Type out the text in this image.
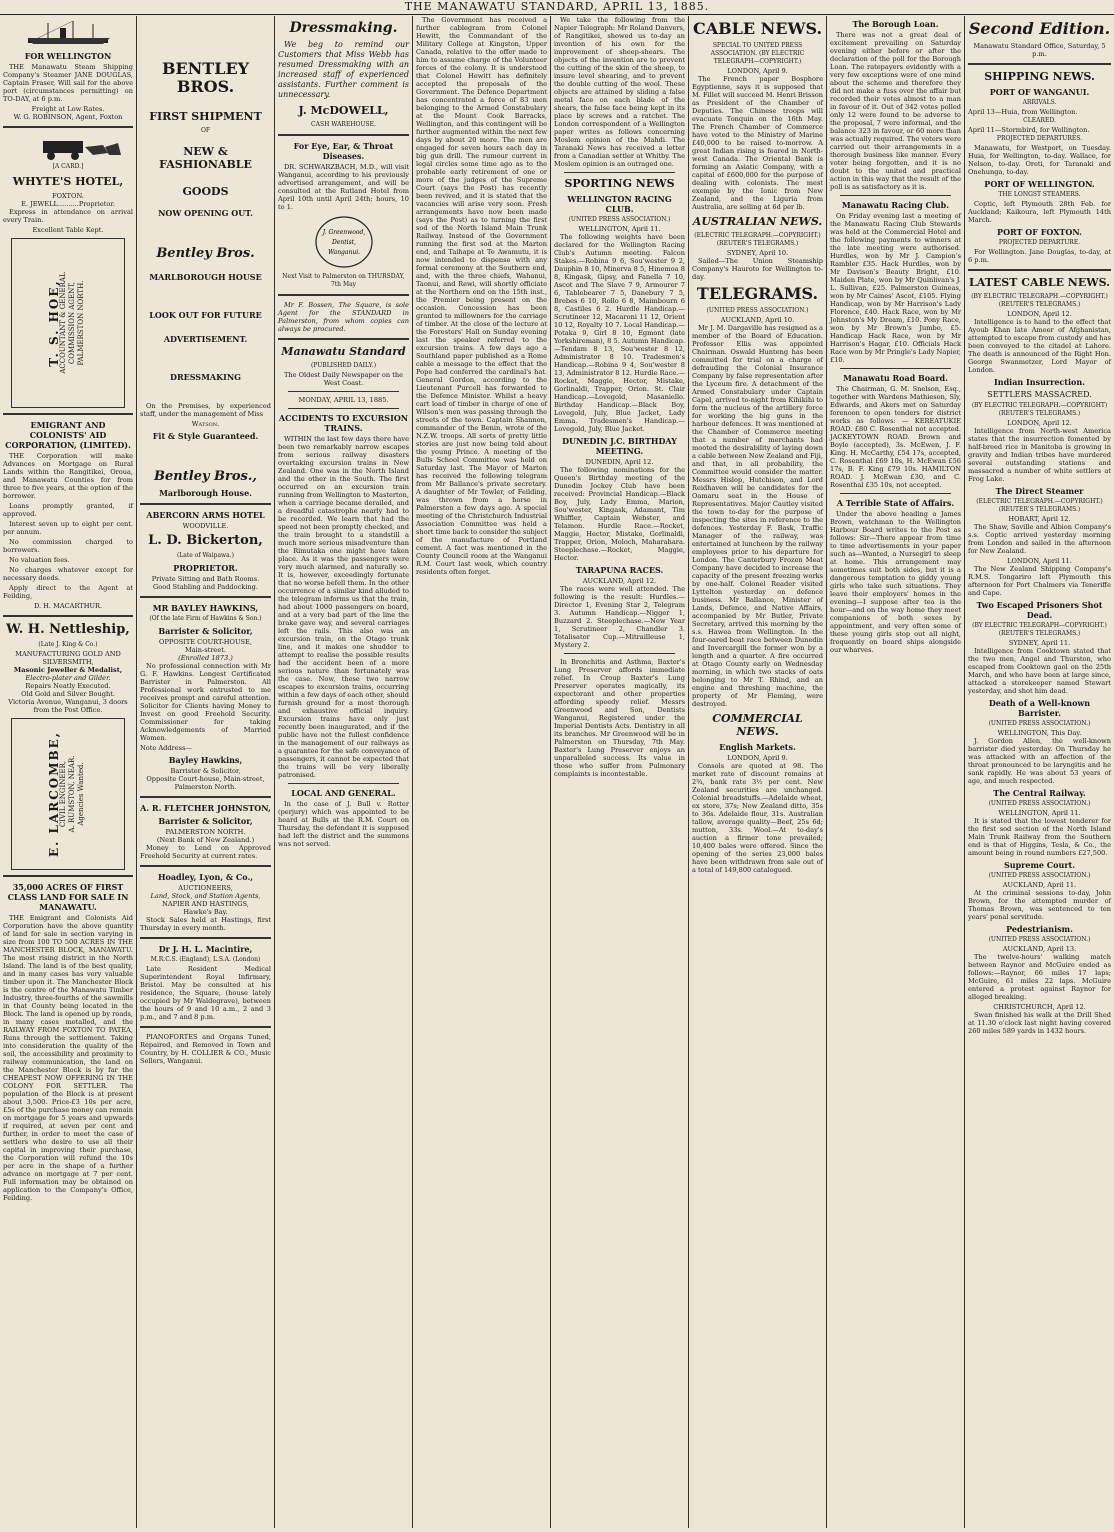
THE MANAWATU STANDARD, APRIL 13, 1885.
FOR WELLINGTON

THE Manawatu Steam Shipping Company's Steamer JANE DOUGLAS, Captain Fraser, Will sail for the above port (circumstances permitting) on TO-DAY, at 6 p.m.

Freight at Low Rates.
W. G. ROBINSON, Agent, Foxton
[A CARD.]
WHYTE'S HOTEL,
FOXTON.
E. JEWELL..........Proprietor.

Express in attendance on arrival every Train.

Excellent Table Kept.
T. S. HOE,
ACCOUNTANT & GENERAL COMMISSION AGENT, PALMERSTON NORTH.
EMIGRANT AND COLONISTS' AID CORPORATION, (LIMITED).

THE Corporation will make Advances on Mortgage on Rural Lands within the Rangitikei, Oroua, and Manawatu Counties for from three to five years, at the option of the borrower.

Loans promptly granted, if approved.

Interest seven up to eight per cent. per annum.

No commission charged to borrowers.

No valuation fees.

No charges whatever except for necessary deeds.

Apply direct to the Agent at Feilding,

D. H. MACARTHUR.
W. H. Nettleship,
(Late J. King & Co.)
MANUFACTURING GOLD AND SILVERSMITH,
Masonic Jeweller & Medalist,
Electro-plater and Gilder.
Repairs Neatly Executed.
Old Gold and Silver Bought.
Victoria Avenue, Wanganui, 3 doors from the Post Office.
E. LARCOMBE,
CIVIL ENGINEER, A. RUMSTON, NEAR. Agencies Wanted.
35,000 ACRES OF FIRST CLASS LAND FOR SALE IN MANAWATU.

THE Emigrant and Colonists Aid Corporation have the above quantity of land for sale in section varying in size from 100 TO 500 ACRES IN THE MANCHESTER BLOCK, MANAWATU. The most rising district in the North Island. The land is of the best quality, and in many cases has very valuable timber upon it. The Manchester Block is the centre of the Manawatu Timber Industry, three-fourths of the sawmills in that County being located in the Block. The land is opened up by roads, in many cases metalled, and the RAILWAY FROM FOXTON TO PATEA, Runs through the settlement. Taking into consideration the quality of the soil, the accessibility and proximity to railway communication, the land on the Manchester Block is by far the CHEAPEST NOW OFFERING IN THE COLONY FOR SETTLER. The population of the Block is at present about 3,500. Price-£3 10s per acre, £5s of the purchase money can remain on mortgage for 5 years and upwards if required, at seven per cent and further, in order to meet the case of settlers who desire to use all their capital in improving their purchase, the Corporation will refund the 10s per acre in the shape of a further advance on mortgage at 7 per cent. Full information may be obtained on application to the Company's Office, Feilding.

BENTLEY BROS.
FIRST SHIPMENT
OF
NEW & FASHIONABLE
GOODS
NOW OPENING OUT.
Bentley Bros.
MARLBOROUGH HOUSE
LOOK OUT FOR FUTURE
ADVERTISEMENT.
DRESSMAKING

On the Premises, by experienced staff, under the management of Miss

Watson.
Fit & Style Guaranteed.
Bentley Bros.,
Marlborough House.
ABERCORN ARMS HOTEL
WOODVILLE.
L. D. Bickerton,
(Late of Waipawa.)
PROPRIETOR.
Private Sitting and Bath Rooms.
Good Stabling and Paddocking.
MR BAYLEY HAWKINS,
(Of the late Firm of Hawkins & Son.)
Barrister & Solicitor,
OPPOSITE COURT-HOUSE,
Main-street.
(Enrolled 1873.)

No professional connection with Mr G. F. Hawkins. Longest Certificated Barrister in Palmerston. All Professional work entrusted to me receives prompt and careful attention. Solicitor for Clients having Money to Invest on good Freehold Security. Commissioner for taking Acknowledgements of Married Women.

Note Address—
Bayley Hawkins,
Barrister & Solicitor,
Opposite Court-house, Main-street, Palmerston North.
A. R. FLETCHER JOHNSTON,
Barrister & Solicitor,
PALMERSTON NORTH.
(Next Bank of New Zealand.)

Money to Lend on Approved Freehold Security at current rates.

Hoadley, Lyon, & Co.,
AUCTIONEERS,
Land, Stock, and Station Agents,
NAPIER AND HASTINGS,
Hawke's Bay.

Stock Sales held at Hastings, first Thursday in every month.

Dr J. H. L. Macintire,
M.R.C.S. (England), L.S.A. (London)

Late Resident Medical Superintendent Royal Infirmary, Bristol. May be consulted at his residence, the Square, (house lately occupied by Mr Waldegrave), between the hours of 9 and 10 a.m., 2 and 3 p.m., and 7 and 8 p.m.

PIANOFORTES and Organs Tuned, Repaired, and Removed in Town and Country, by H. COLLIER & CO., Music Sellers, Wanganui.

Dressmaking.

We beg to remind our Customers that Miss Webb has resumed Dressmaking with an increased staff of experienced assistants. Further comment is unnecessary.

J. McDOWELL,
CASH WAREHOUSE.
For Eye, Ear, & Throat Diseases.

DR. SCHWARZBACH, M.D., will visit Wanganui, according to his previously advertised arrangement, and will be consulted at the Rutland Hotel from April 10th until April 24th; hours, 10 to 1.

J. Greenwood,
Dentist,
Wanganui.
Next Visit to Palmerston on THURSDAY, 7th May

Mr F. Bossen, The Square, is sole Agent for the STANDARD in Palmerston, from whom copies can always be procured.

Manawatu Standard
(PUBLISHED DAILY.)
The Oldest Daily Newspaper on the West Coast.
MONDAY, APRIL 13, 1885.
ACCIDENTS TO EXCURSION TRAINS.

WITHIN the last few days there have been two remarkably narrow escapes from serious railway disasters overtaking excursion trains in New Zealand. One was in the North Island and the other in the South. The first occurred on an excursion train running from Wellington to Masterton, when a carriage became derailed, and a dreadful catastrophe nearly had to be recorded. We learn that had the speed not been promptly checked, and the train brought to a standstill a much more serious misadventure than the Rimutaka one might have taken place. As it was the passengers were very much alarmed, and naturally so. It is, however, exceedingly fortunate that no worse befell them. In the other occurrence of a similar kind alluded to the telegram informs us that the train, had about 1000 passengers on board, and at a very bad part of the line the brake gave way, and several carriages left the rails. This also was an excursion train, on the Otago trunk line, and it makes one shudder to attempt to realise the possible results had the accident been of a more serious nature than fortunately was the case. Now, these two narrow escapes to excursion trains, occurring within a few days of each other, should furnish ground for a most thorough and exhaustive official inquiry. Excursion trains have only just recently been inaugurated, and if the public have not the fullest confidence in the management of our railways as a guarantee for the safe conveyance of passengers, it cannot be expected that the trains will be very liberally patronised.

LOCAL AND GENERAL.

In the case of J. Bull v. Rotter (perjury) which was appointed to be heard at Bulls at the R.M. Court on Thursday, the defendant it is supposed had left the district and the summons was not served.

The Government has received a further cablegram from Colonel Hewitt, the Commandant of the Military College at Kingston, Upper Canada, relative to the offer made to him to assume charge of the Volunteer forces of the colony. It is understood that Colonel Hewitt has definitely accepted the proposals of the Government. The Defence Department has concentrated a force of 83 men belonging to the Armed Constabulary at the Mount Cook Barracks, Wellington, and this contingent will be further augmented within the next few days by about 20 more. The men are engaged for seven hours each day in big gun drill. The rumour current in legal circles some time ago as to the probable early retirement of one or more of the judges of the Supreme Court (says the Post) has recently been revived, and it is stated that the vacancies will arise very soon. Fresh arrangements have now been made (says the Post) as to turning the first sod of the North Island Main Trunk Railway. Instead of the Government running the first sod at the Marton end, and Taihape at Te Awamutu, it is now intended to dispense with any formal ceremony at the Southern end, and, with the three chiefs, Wahanui, Taonui, and Rewi, will shortly officiate at the Northern end on the 15th inst., the Premier being present on the occasion. Concession has been granted to millowners for the carriage of timber. At the close of the lecture at the Foresters' Hall on Sunday evening last the speaker referred to the excursion trains. A few days ago a Southland paper published as a Rome cable a message to the effect that the Pope had conferred the cardinal's hat. General Gordon, according to the Lieutenant Purcell has forwarded to the Defence Minister. Whilst a heavy cart load of timber in charge of one of Wilson's men was passing through the streets of the town. Captain Shannon, commander of the Benin, wrote of the N.Z.W. troops. All sorts of pretty little stories are just now being told about the young Prince. A meeting of the Bulls School Committee was held on Saturday last. The Mayor of Marton has received the following telegram from Mr Ballance's private secretary. A daughter of Mr Towler, of Feilding, was thrown from a horse in Palmerston a few days ago. A special meeting of the Christchurch Industrial Association Committee was held a short time back to consider the subject of the manufacture of Portland cement. A fact was mentioned in the County Council room at the Wanganui R.M. Court last week, which country residents often forget.

We take the following from the Napier Telegraph: Mr Roland Danvers, of Rangitikei, showed us to-day an invention of his own for the improvement of sheep-shears. The objects of the invention are to prevent the cutting of the skin of the sheep, to insure level shearing, and to prevent the double cutting of the wool. These objects are attained by sliding a false metal face on each blade of the shears, the false face being kept in its place by screws and a ratchet. The London correspondent of a Wellington paper writes as follows concerning Moslem opinion of the Mahdi. The Taranaki News has received a letter from a Canadian settler at Whitby. The Moslem opinion is an outraged one.

SPORTING NEWS
WELLINGTON RACING CLUB.
(UNITED PRESS ASSOCIATION.)
WELLINGTON, April 11.

The following weights have been declared for the Wellington Racing Club's Autumn meeting. Falcon Stakes.—Robina 9 6, Sou'wester 9 2, Dauphin 8 10, Minerva 8 5, Hinemoa 8 8, Kingask, Gipsy, and Fanella 7 10, Ascot and The Slave 7 9, Armourer 7 6, Tablebearer 7 5, Danebury 7 5, Brebes 6 10, Rollo 6 8, Maimbourn 6 8, Castiles 6 2. Hurdle Handicap.—Scrutineer 12, Macaroni 11 12, Orient 10 12, Royalty 10 7. Local Handicap.—Potaka 9, Girl 8 10, Egmont (late Yorkshireman), 8 5. Autumn Handicap.—Tendam 8 13, Sou'wester 8 12, Administrator 8 10. Tradesmen's Handicap.—Robina 9 4, Sou'wester 8 13, Administrator 8 12. Hurdle Race.—Rocket, Maggie, Hector, Mistake, Gorlinaldi, Trapper, Orion. St. Clair Handicap.—Lovegold, Masaniello. Birthday Handicap.—Black Boy, Lovegold, July, Blue Jacket, Lady Emma. Tradesmen's Handicap.—Lovegold, July, Blue Jacket.

DUNEDIN J.C. BIRTHDAY MEETING.
DUNEDIN, April 12.

The following nominations for the Queen's Birthday meeting of the Dunedin Jockey Club have been received: Provincial Handicap.—Black Boy, July, Lady Emma, Marion, Sou'wester, Kingask, Adamant, Tim Whiffler, Captain Webster, and Telamon. Hurdle Race.—Rocket, Maggie, Hector, Mistake, Gorlinaldi, Trapper, Orion, Moloch, Maharahara. Steeplechase.—Rocket, Maggie, Hector.

TARAPUNA RACES.
AUCKLAND, April 12.

The races were well attended. The following is the result: Hurdles.—Director 1, Evening Star 2, Telegram 3. Autumn Handicap.—Nigger 1, Buzzard 2. Steeplechase.—New Year 1, Scrutineer 2, Chandler 3. Totalisator Cup.—Mitrailleuse 1, Mystery 2.

In Bronchitis and Asthma, Baxter's Lung Preserver affords immediate relief. In Croup Baxter's Lung Preserver operates magically, its expectorant and other properties affording speedy relief. Messrs Greenwood and Son, Dentists Wanganui, Registered under the Imperial Dentists Acts. Dentistry in all its branches. Mr Greenwood will be in Palmerston on Thursday, 7th May. Baxter's Lung Preserver enjoys an unparalleled success. Its value in those who suffer from Pulmonary complaints is incontestable.

CABLE NEWS.
SPECIAL TO UNITED PRESS ASSOCIATION. (BY ELECTRIC TELEGRAPH—COPYRIGHT.)
LONDON, April 9.

The French paper Bosphore Egyptienne, says it is supposed that M. Fillet will succeed M. Henri Brisson as President of the Chamber of Deputies. The Chinese troops will evacuate Tonquin on the 16th May. The French Chamber of Commerce have voted to the Ministry of Marine £40,000 to be raised to-morrow. A great Indian rising is feared in North-west Canada. The Oriental Bank is forming an Asiatic Company, with a capital of £600,000 for the purpose of dealing with colonists. The mest exemple by the Ionic from New Zealand, and the Liguria from Australia, are selling at 6d per lb.

AUSTRALIAN NEWS.
(ELECTRIC TELEGRAPH.—COPYRIGHT.) (REUTER'S TELEGRAMS.)
SYDNEY, April 10.

Sailed—The Union Steamship Company's Hauroto for Wellington to-day.

TELEGRAMS.
(UNITED PRESS ASSOCIATION.)
AUCKLAND, April 10.

Mr J. M. Dargaville has resigned as a member of the Board of Education. Professor Ellis was appointed Chairman. Oswald Hunteng has been committed for trial on a charge of defrauding the Colonial Insurance Company by false representation after the Lyceum fire. A detachment of the Armed Constabulary under Captain Capel, arrived to-night from Kihikihi to form the nucleus of the artillery force for working the big guns in the harbour defences. It was mentioned at the Chamber of Commerce meeting that a number of merchants had mooted the desirability of laying down a cable between New Zealand and Fiji, and that, in all probability, the Committee would consider the matter. Messrs Hislop, Hutchison, and Lord Reidhaven will be candidates for the Oamaru seat in the House of Representatives. Major Cautley visited the town to-day for the purpose of inspecting the sites in reference to the defences. Yesterday F. Bask, Traffic Manager of the railway, was entertained at luncheon by the railway employees prior to his departure for London. The Canterbury Frozen Meat Company have decided to increase the capacity of the present freezing works by one-half. Colonel Reader visited Lyttelton yesterday on defence business. Mr Ballance, Minister of Lands, Defence, and Native Affairs, accompanied by Mr Butler, Private Secretary, arrived this morning by the s.s. Hawea from Wellington. In the four-oared boat race between Dunedin and Invercargill the former won by a length and a quarter. A fire occurred at Otago County early on Wednesday morning, in which two stacks of oats belonging to Mr T. Rhind, and an engine and threshing machine, the property of Mr Fleming, were destroyed.

COMMERCIAL NEWS.
English Markets.
LONDON, April 9.

Consols are quoted at 98. The market rate of discount remains at 2¾, bank rate 3½ per cent. New Zealand securities are unchanged. Colonial breadstuffs.—Adelaide wheat, ex store, 37s; New Zealand ditto, 35s to 36s. Adelaide flour, 31s. Australian tallow, average quality—Beef, 25s 6d; mutton, 33s. Wool.—At to-day's auction a firmer tone prevailed; 10,400 bales were offered. Since the opening of the series 23,000 bales have been withdrawn from sale out of a total of 149,800 catalogued.

The Borough Loan.

There was not a great deal of excitement prevailing on Saturday evening either before or after the declaration of the poll for the Borough Loan. The ratepayers evidently with a very few exceptions were of one mind about the scheme and therefore they did not make a fuss over the affair but recorded their votes almost to a man in favour of it. Out of 342 votes polled only 12 were found to be adverse to the proposal, 7 were informal, and the balance 323 in favour, or 60 more than was actually required. The voters were carried out their arrangements in a thorough business like manner. Every voter being forgotten, and it is no doubt to the united and practical action in this way that the result of the poll is as satisfactory as it is.

Manawatu Racing Club.

On Friday evening last a meeting of the Manawatu Racing Club Stewards was held at the Commercial Hotel and the following payments to winners at the late meeting were authorised. Hurdles, won by Mr J. Campion's Rambler £35. Hack Hurdles, won by Mr Davison's Beauty Bright, £10. Maiden Plate, won by Mr Quinlivan's J. L. Sullivan, £25. Palmerston Guineas, won by Mr Caines' Ascot, £105. Flying Handicap, won by Mr Harrison's Lady Florence, £40. Hack Race, won by Mr Johnston's My Dream, £10. Pony Race, won by Mr Brown's Jumbo, £5. Handicap Hack Race, won by Mr Harrison's Hagar, £10. Officials Hack Race won by Mr Pringle's Lady Napier, £10.

Manawatu Road Board.

The Chairman, G. M. Snelson, Esq., together with Wardens Mathieson, Sly, Edwards, and Akers met on Saturday forenoon to open tenders for district works as follows: — KEREATUKIE ROAD. £80 C. Rosenthal not accepted. JACKEYTOWN ROAD. Brown and Boyle (accepted), 3s. McEwen, J. F. King. H. McCarthy, £54 17s, accepted, C. Rosenthal £69 10s, H. McEwan £56 17s, B. F. King £79 10s. HAMILTON ROAD. J. McEwan £30, and C. Rosenthal £35 10s, not accepted.

A Terrible State of Affairs.

Under the above heading a James Brown, watchman to the Wellington Harbour Board writes to the Post as follows: Sir—There appear from time to time advertisements in your paper such as—Wanted, a Nursegirl to sleep at home. This arrangement may sometimes suit both sides, but it is a dangerous temptation to giddy young girls who take such situations. They leave their employers' homes in the evening—I suppose after tea is the hour—and on the way home they meet companions of both sexes by appointment, and very often some of these young girls stop out all night, frequently on board ships alongside our wharves.

Second Edition.
Manawatu Standard Office, Saturday, 5 p.m.
SHIPPING NEWS.
PORT OF WANGANUI.
ARRIVALS.
April 13—Huia, from Wellington.
CLEARED.
April 11—Stormbird, for Wellington.
PROJECTED DEPARTURES.

Manawatu, for Westport, on Tuesday. Huia, for Wellington, to-day. Wallace, for Nelson, to-day. Oreti, for Taranaki and Onehunga, to-day.

PORT OF WELLINGTON.
THE LONGST STEAMERS.

Coptic, left Plymouth 28th Feb. for Auckland; Kaikoura, left Plymouth 14th March.

PORT OF FOXTON.
PROJECTED DEPARTURE.

For Wellington. Jane Douglas, to-day, at 6 p.m.

LATEST CABLE NEWS.
(BY ELECTRIC TELEGRAPH.—COPYRIGHT.) (REUTER'S TELEGRAMS.)
LONDON, April 12.

Intelligence is to hand to the effect that Ayoub Khan late Ameer of Afghanistan, attempted to escape from custody and has been conveyed to the citadel at Lahore. The death is announced of the Right Hon. George Swanmetzer, Lord Mayor of London.

Indian Insurrection.
SETTLERS MASSACRED.
(BY ELECTRIC TELEGRAPH.—COPYRIGHT) (REUTER'S TELEGRAMS.)
LONDON, April 12.

Intelligence from North-west America states that the insurrection fomented by half-breed rice in Manitoba is growing in gravity and Indian tribes have murdered several outstanding stations and massacred a number of white settlers at Frog Lake.

The Direct Steamer
(ELECTRIC TELEGRAPH.—COPYRIGHT.) (REUTER'S TELEGRAMS.)
HOBART, April 12.

The Shaw, Saville and Albion Company's s.s. Coptic arrived yesterday morning from London and sailed in the afternoon for New Zealand.

LONDON, April 11.

The New Zealand Shipping Company's R.M.S. Tongariro left Plymouth this afternoon for Port Chalmers via Teneriffe and Cape.

Two Escaped Prisoners Shot Dead.
(BY ELECTRIC TELEGRAPH—COPYRIGHT.) (REUTER'S TELEGRAMS.)
SYDNEY, April 11.

Intelligence from Cooktown stated that the two men, Angel and Thurston, who escaped from Cooktown gaol on the 25th March, and who have been at large since, attacked a storekeeper named Stewart yesterday, and shot him dead.

Death of a Well-known Barrister.
(UNITED PRESS ASSOCIATION.)
WELLINGTON, This Day.

J. Gordon Allen, the well-known barrister died yesterday. On Thursday he was attacked with an affection of the throat pronounced to be laryngitis and he sank rapidly. He was about 53 years of age, and much respected.

The Central Railway.
(UNITED PRESS ASSOCIATION.)
WELLINGTON, April 11.

It is stated that the lowest tenderer for the first sod section of the North Island Main Trunk Railway from the Southern end is that of Higgins, Tesla, & Co., the amount being in round numbers £27,500.

Supreme Court.
(UNITED PRESS ASSOCIATION.)
AUCKLAND, April 11.

At the criminal sessions to-day, John Brown, for the attempted murder of Thomas Brown, was sentenced to ten years' penal servitude.

Pedestrianism.
(UNITED PRESS ASSOCIATION.)
AUCKLAND, April 13.

The twelve-hours' walking match between Raynor and McGuire ended as follows:—Raynor, 66 miles 17 laps; McGuire, 61 miles 22 laps. McGuire entered a protest against Raynor for alleged breaking.

CHRISTCHURCH, April 12.

Swan finished his walk at the Drill Shed at 11.30 o'clock last night having covered 260 miles 589 yards in 1432 hours.
